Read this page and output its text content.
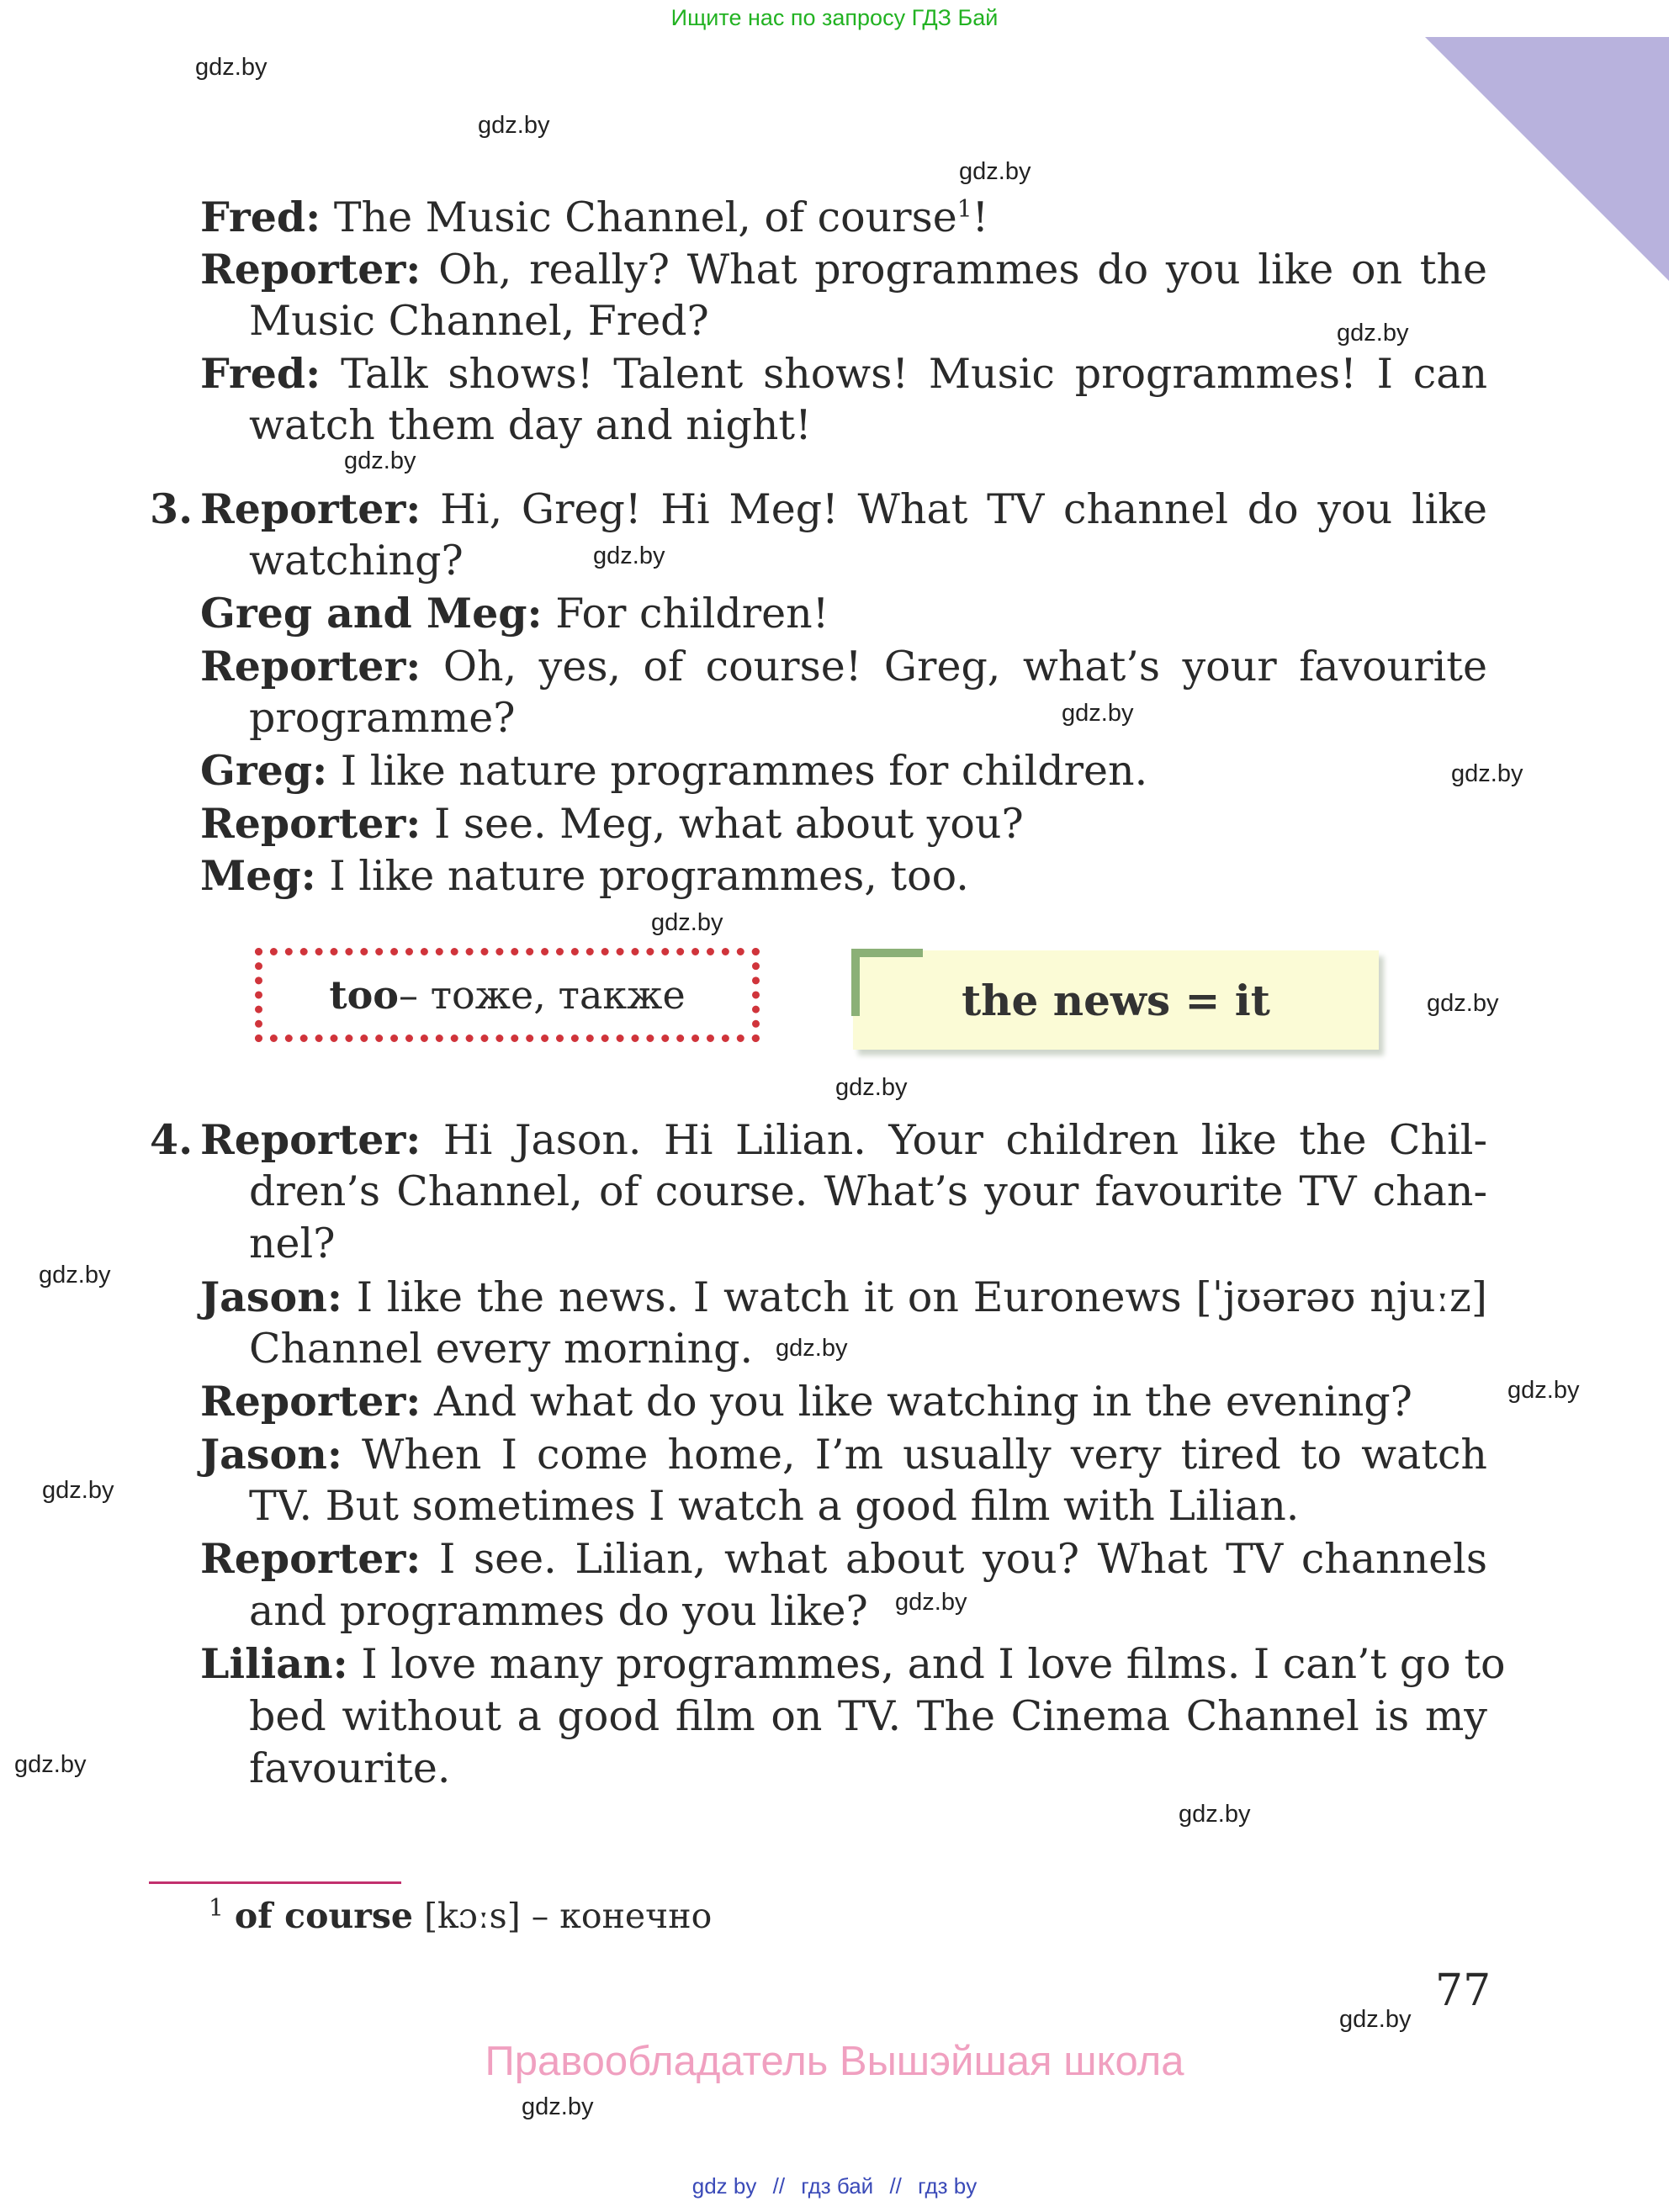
Ищите нас по запросу ГДЗ Бай
gdz.by
gdz.by
gdz.by
gdz.by
gdz.by
gdz.by
gdz.by
gdz.by
gdz.by
gdz.by
gdz.by
gdz.by
gdz.by
gdz.by
gdz.by
gdz.by
gdz.by
gdz.by
gdz.by
gdz.by
Fred: The Music Channel, of course$^1$!
Reporter: Oh, really? What programmes do you like on the
Music Channel, Fred?
Fred: Talk shows! Talent shows! Music programmes! I can
watch them day and night!
3. Reporter: Hi, Greg! Hi Meg! What TV channel do you like
watching?
Greg and Meg: For children!
Reporter: Oh, yes, of course! Greg, what’s your favourite
programme?
Greg: I like nature programmes for children.
Reporter: I see. Meg, what about you?
Meg: I like nature programmes, too.
too – тоже, также	the news = it
4. Reporter: Hi Jason. Hi Lilian. Your children like the Chil-
dren’s Channel, of course. What’s your favourite TV chan-
nel?
Jason: I like the news. I watch it on Euronews [ˈjʊərəʊ njuːz]
Channel every morning.
Reporter: And what do you like watching in the evening?
Jason: When I come home, I’m usually very tired to watch
TV. But sometimes I watch a good film with Lilian.
Reporter: I see. Lilian, what about you? What TV channels
and programmes do you like?
Lilian: I love many programmes, and I love films. I can’t go to
bed without a good film on TV. The Cinema Channel is my
favourite.
$^1$ of course [kɔːs] – конечно
77
Правообладатель Вышэйшая школа
gdz by // гдз бай // гдз by
